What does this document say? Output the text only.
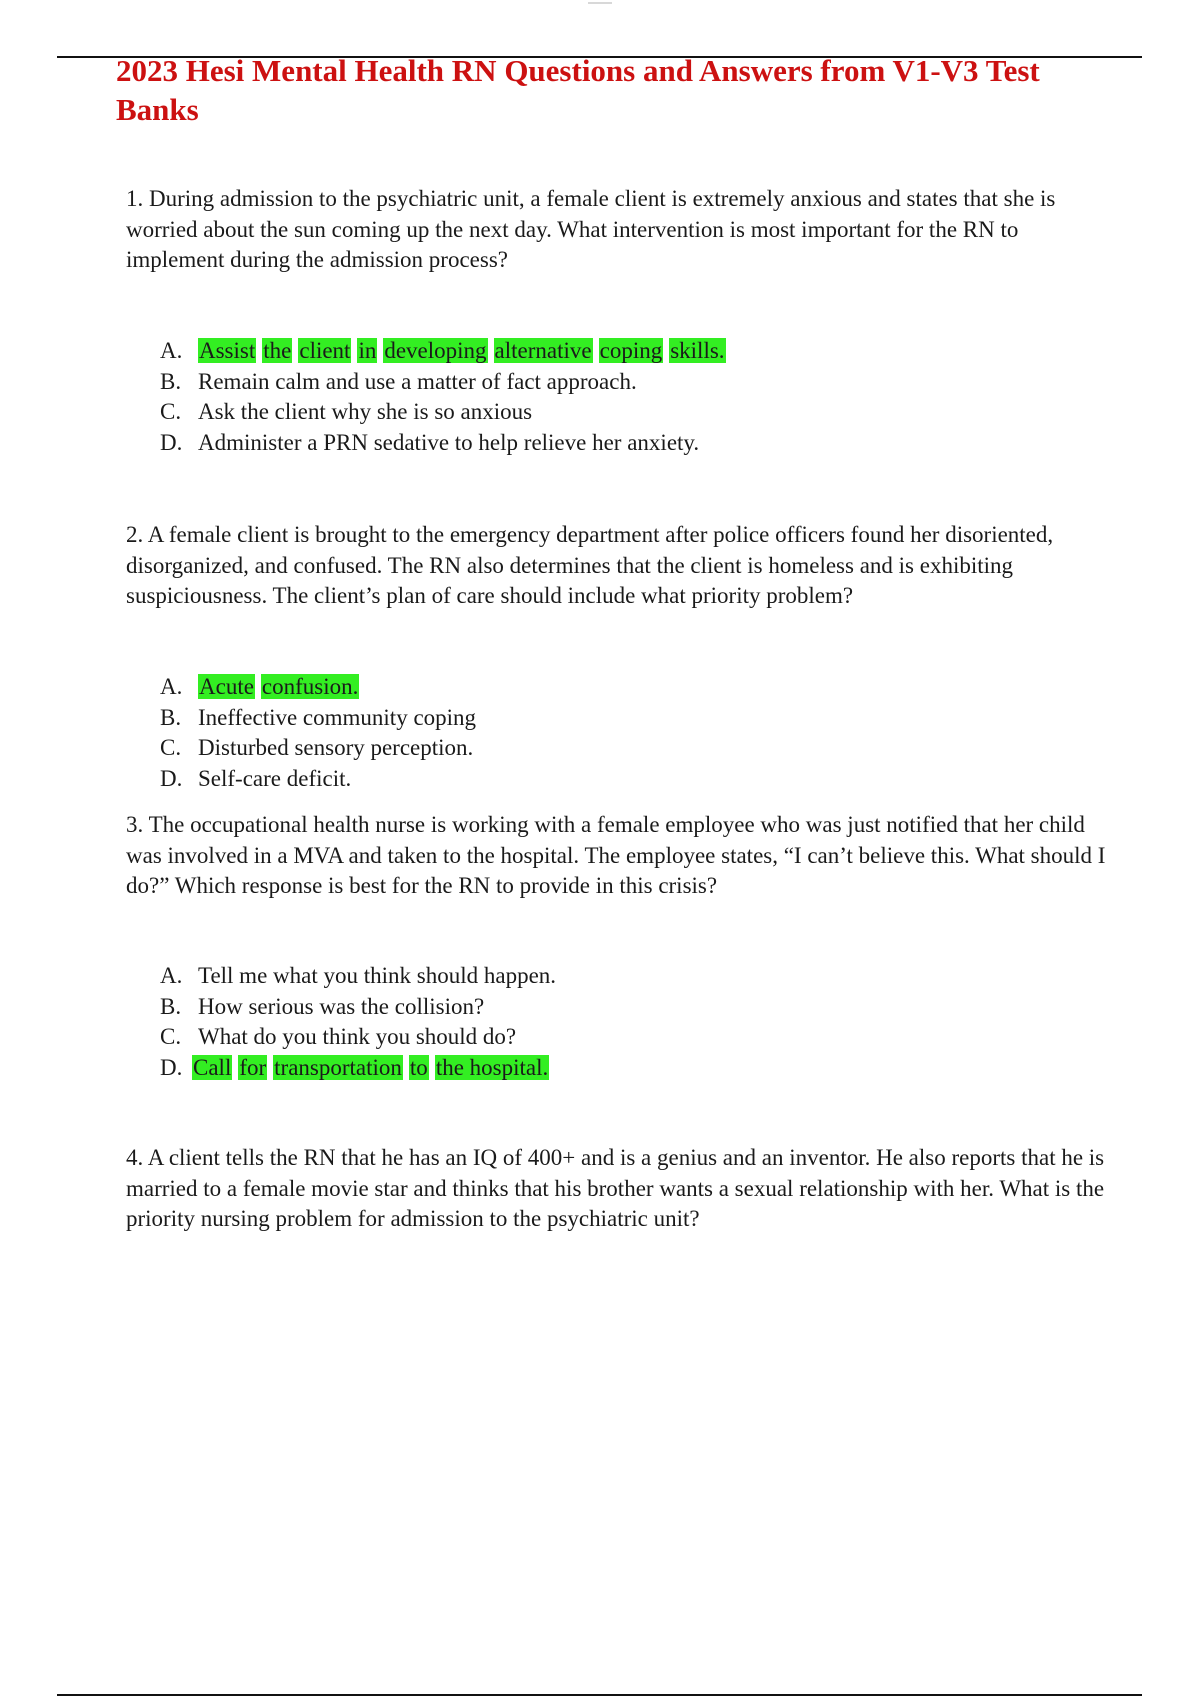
2023 Hesi Mental Health RN Questions and Answers from V1-V3 Test Banks

1. During admission to the psychiatric unit, a female client is extremely anxious and states that she is worried about the sun coming up the next day. What intervention is most important for the RN to implement during the admission process?

A. Assist the client in developing alternative coping skills.
B. Remain calm and use a matter of fact approach.
C. Ask the client why she is so anxious
D. Administer a PRN sedative to help relieve her anxiety.

2. A female client is brought to the emergency department after police officers found her disoriented, disorganized, and confused. The RN also determines that the client is homeless and is exhibiting suspiciousness. The client’s plan of care should include what priority problem?

A. Acute confusion.
B. Ineffective community coping
C. Disturbed sensory perception.
D. Self-care deficit.

3. The occupational health nurse is working with a female employee who was just notified that her child was involved in a MVA and taken to the hospital. The employee states, “I can’t believe this. What should I do?” Which response is best for the RN to provide in this crisis?

A. Tell me what you think should happen.
B. How serious was the collision?
C. What do you think you should do?
D. Call for transportation to the hospital.

4. A client tells the RN that he has an IQ of 400+ and is a genius and an inventor. He also reports that he is married to a female movie star and thinks that his brother wants a sexual relationship with her. What is the priority nursing problem for admission to the psychiatric unit?
